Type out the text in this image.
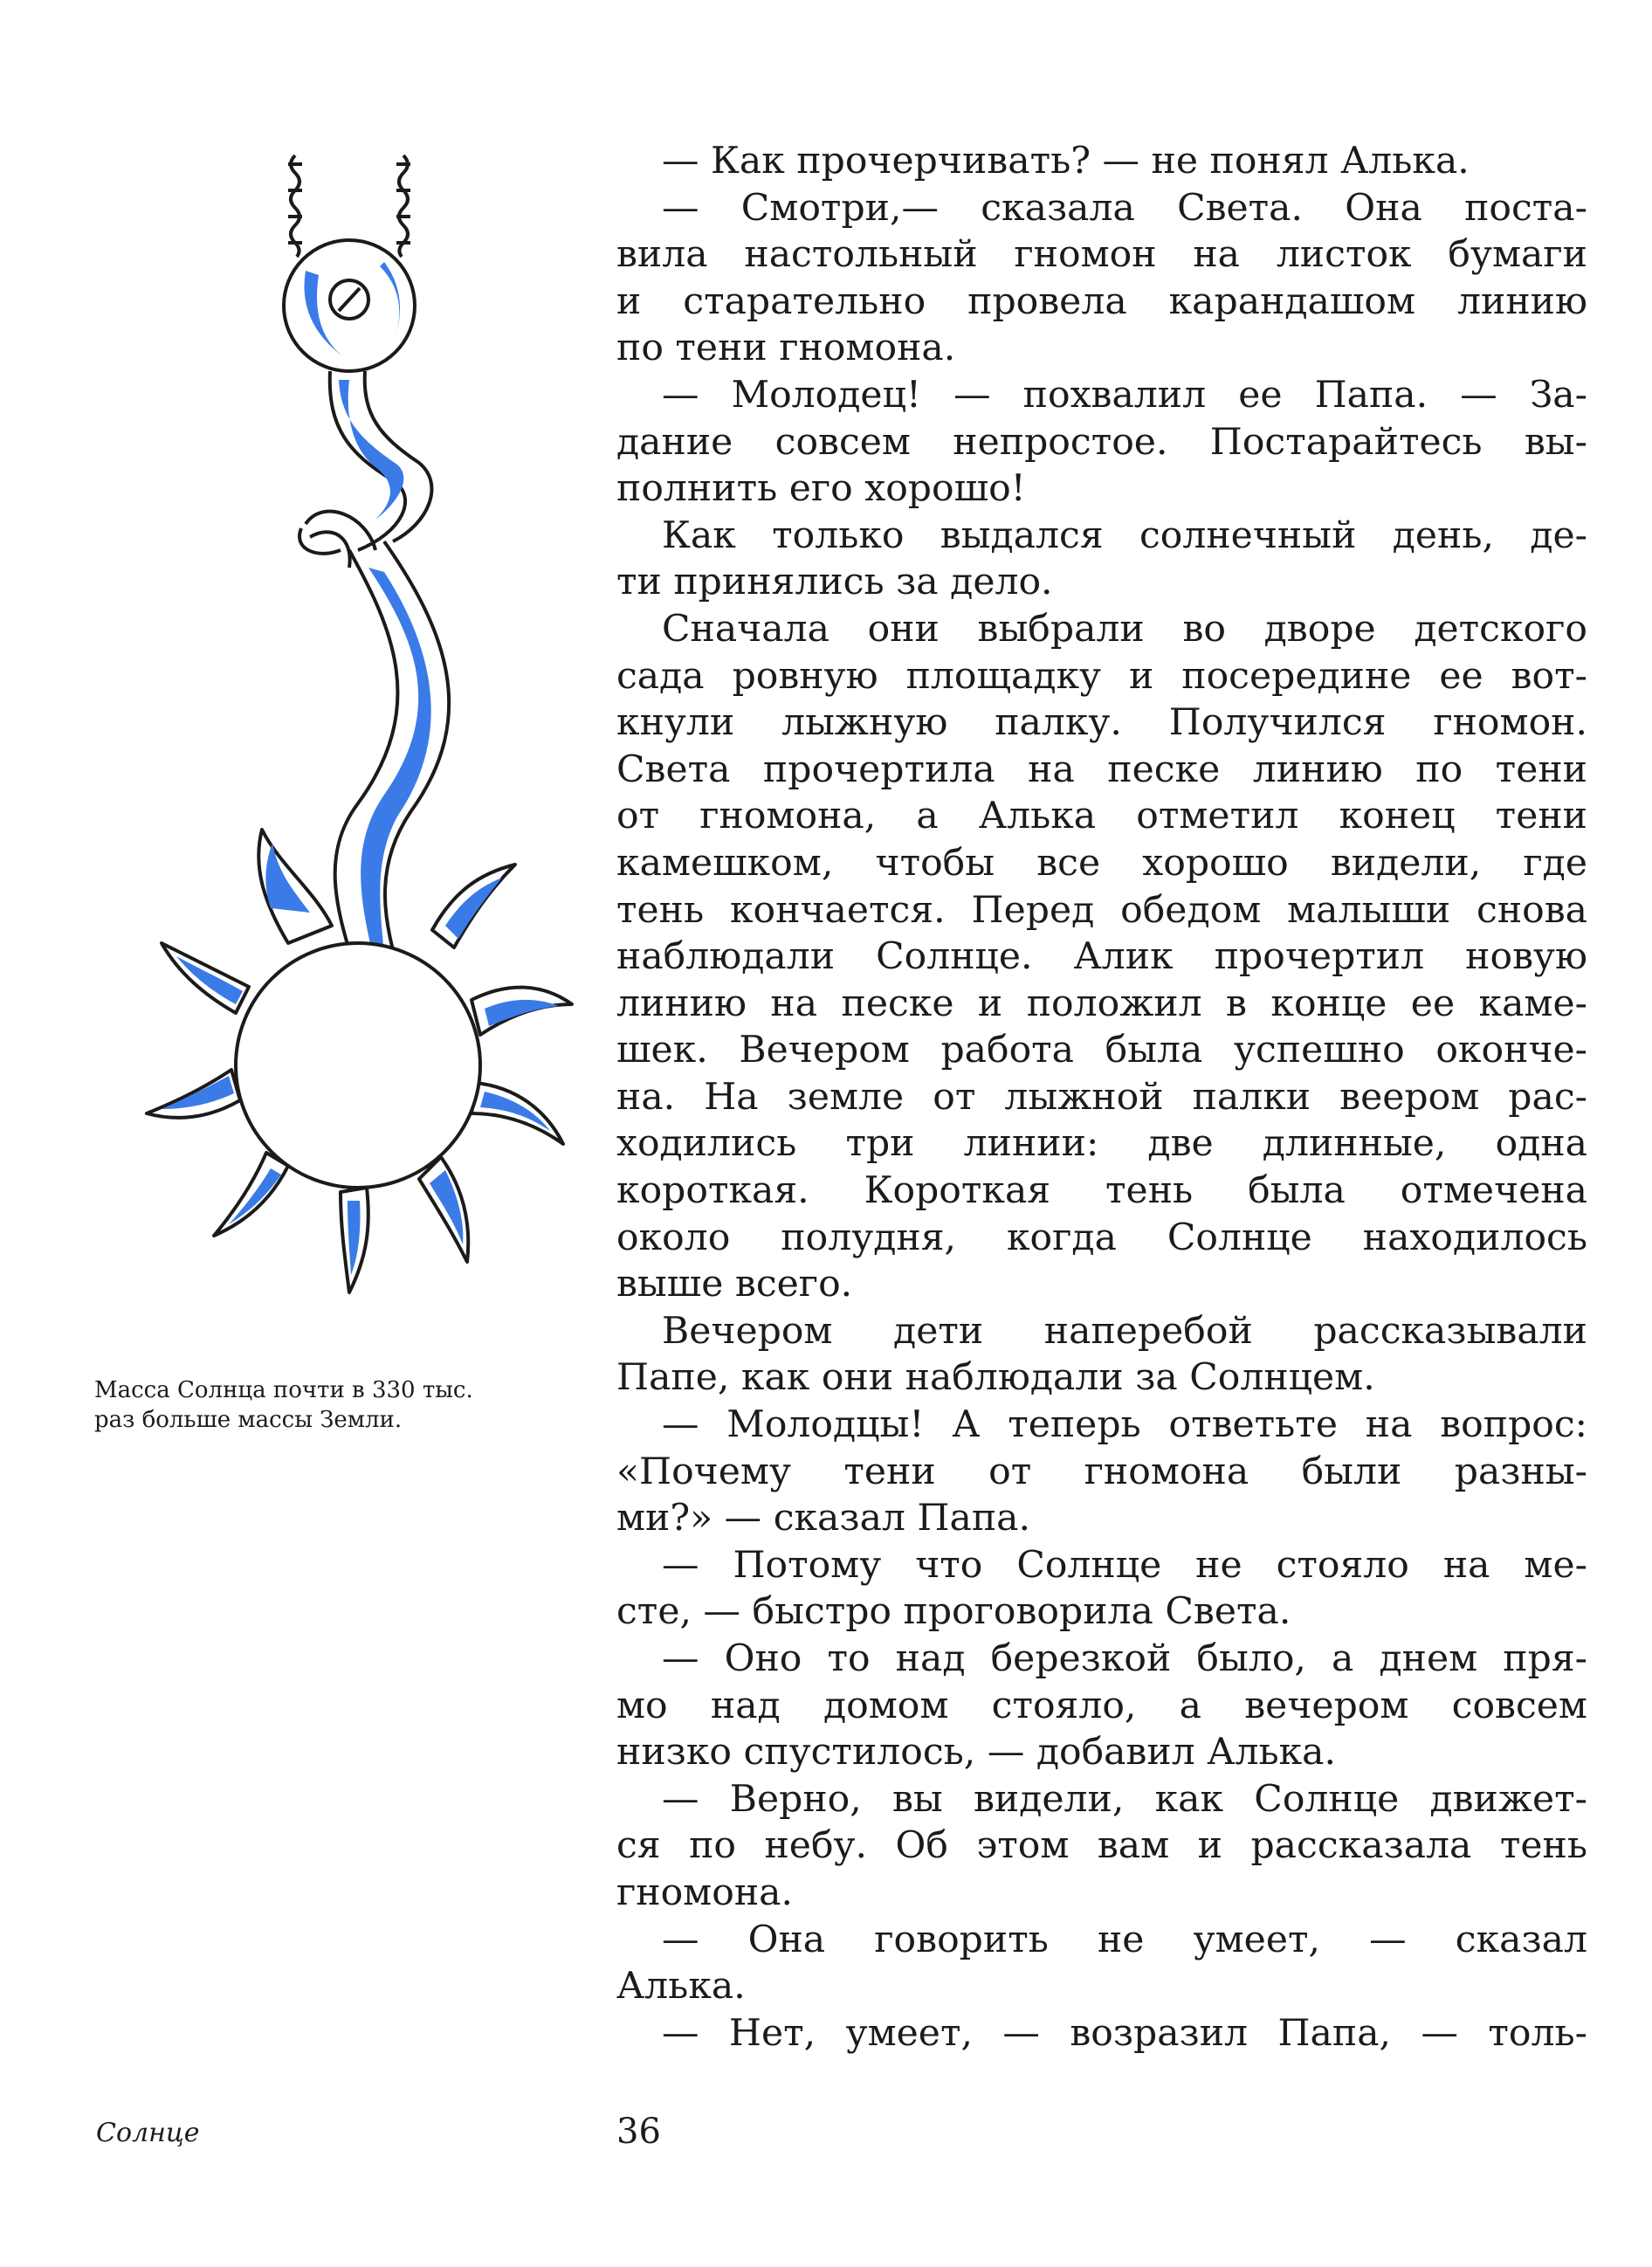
Масса Солнца почти в 330 тыс.
раз больше массы Земли.
— Как прочерчивать? — не понял Алька.
— Смотри,— сказала Света. Она поста-
вила настольный гномон на листок бумаги
и старательно провела карандашом линию
по тени гномона.
— Молодец! — похвалил ее Папа. — За-
дание совсем непростое. Постарайтесь вы-
полнить его хорошо!
Как только выдался солнечный день, де-
ти принялись за дело.
Сначала они выбрали во дворе детского
сада ровную площадку и посередине ее вот-
кнули лыжную палку. Получился гномон.
Света прочертила на песке линию по тени
от гномона, а Алька отметил конец тени
камешком, чтобы все хорошо видели, где
тень кончается. Перед обедом малыши снова
наблюдали Солнце. Алик прочертил новую
линию на песке и положил в конце ее каме-
шек. Вечером работа была успешно оконче-
на. На земле от лыжной палки веером рас-
ходились три линии: две длинные, одна
короткая. Короткая тень была отмечена
около полудня, когда Солнце находилось
выше всего.
Вечером дети наперебой рассказывали
Папе, как они наблюдали за Солнцем.
— Молодцы! А теперь ответьте на вопрос:
«Почему тени от гномона были разны-
ми?» — сказал Папа.
— Потому что Солнце не стояло на ме-
сте, — быстро проговорила Света.
— Оно то над березкой было, а днем пря-
мо над домом стояло, а вечером совсем
низко спустилось, — добавил Алька.
— Верно, вы видели, как Солнце движет-
ся по небу. Об этом вам и рассказала тень
гномона.
— Она говорить не умеет, — сказал
Алька.
— Нет, умеет, — возразил Папа, — толь-
Солнце	36
